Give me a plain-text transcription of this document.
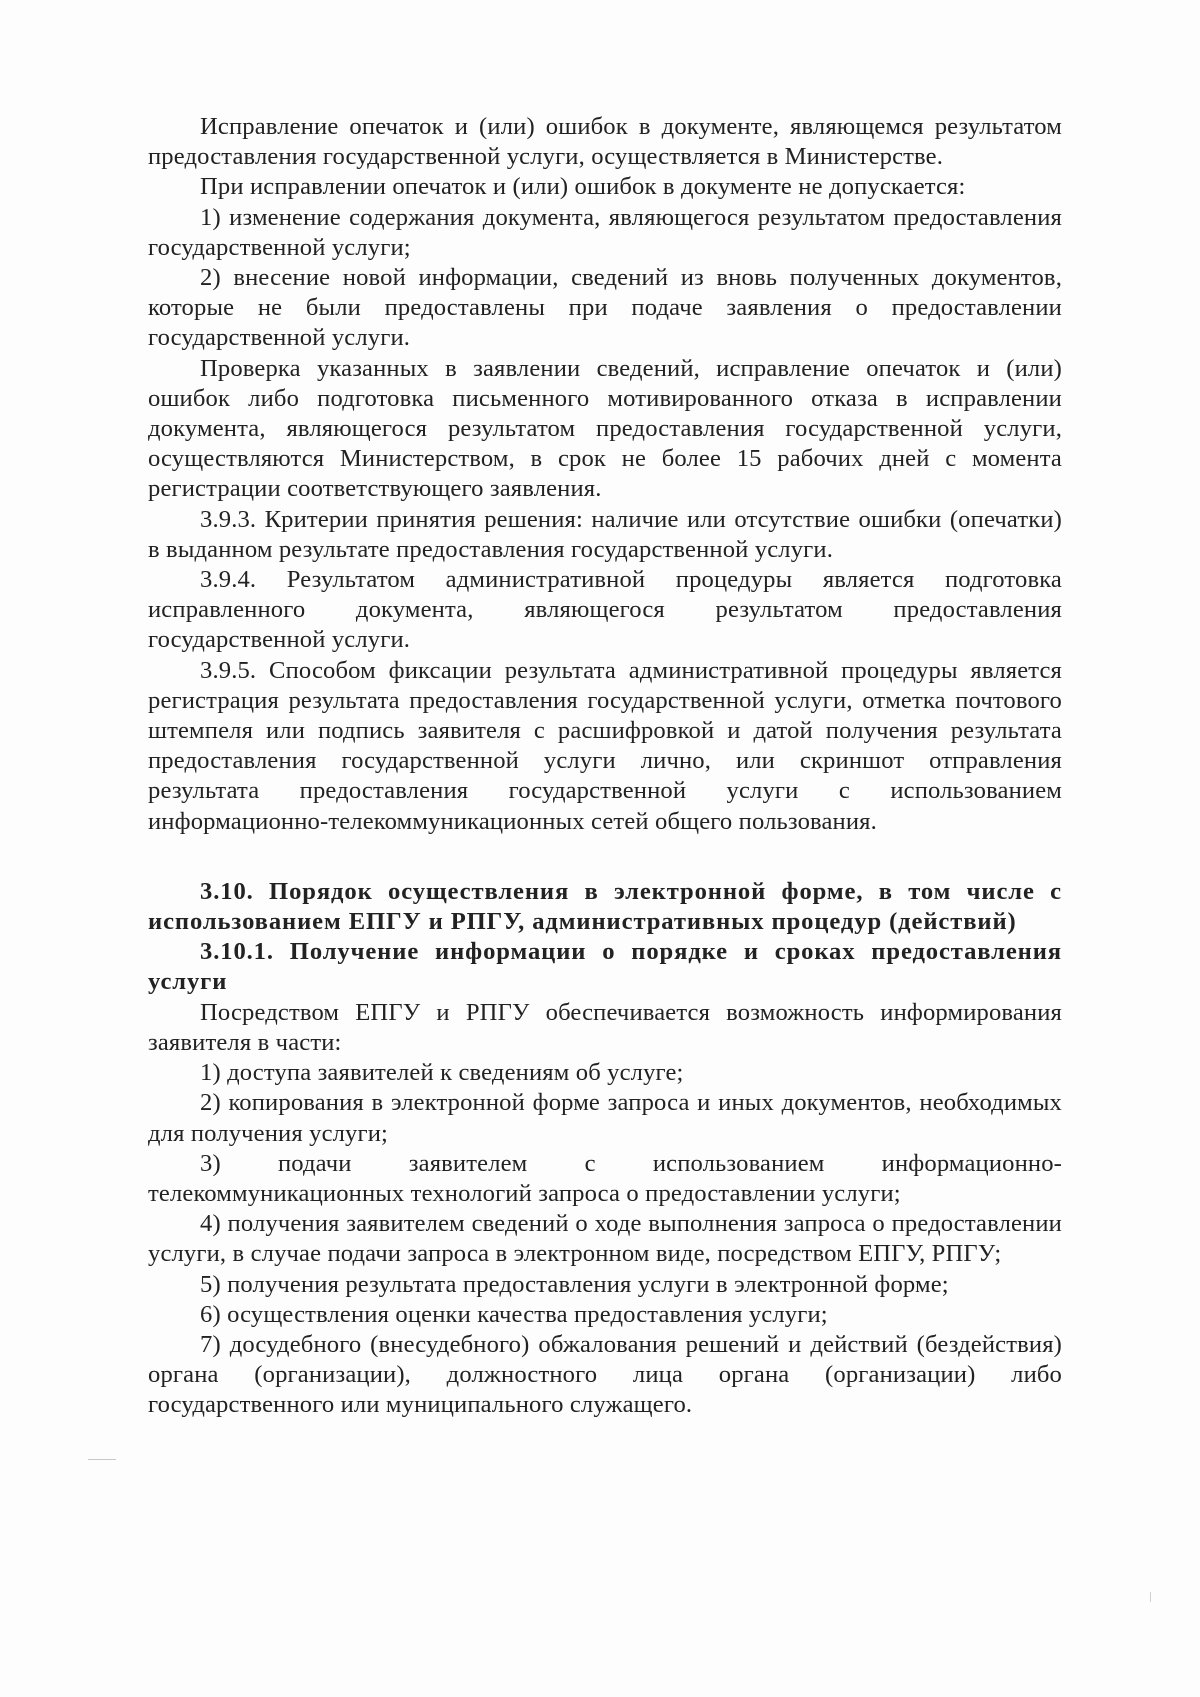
Исправление опечаток и (или) ошибок в документе, являющемся результатом предоставления государственной услуги, осуществляется в Министерстве.

При исправлении опечаток и (или) ошибок в документе не допускается:

1) изменение содержания документа, являющегося результатом предоставления государственной услуги;

2) внесение новой информации, сведений из вновь полученных документов, которые не были предоставлены при подаче заявления о предоставлении государственной услуги.

Проверка указанных в заявлении сведений, исправление опечаток и (или) ошибок либо подготовка письменного мотивированного отказа в исправлении документа, являющегося результатом предоставления государственной услуги, осуществляются Министерством, в срок не более 15 рабочих дней с момента регистрации соответствующего заявления.

3.9.3. Критерии принятия решения: наличие или отсутствие ошибки (опечатки) в выданном результате предоставления государственной услуги.

3.9.4. Результатом административной процедуры является подготовка исправленного документа, являющегося результатом предоставления государственной услуги.

3.9.5. Способом фиксации результата административной процедуры является регистрация результата предоставления государственной услуги, отметка почтового штемпеля или подпись заявителя с расшифровкой и датой получения результата предоставления государственной услуги лично, или скриншот отправления результата предоставления государственной услуги с использованием информационно-телекоммуникационных сетей общего пользования.

3.10. Порядок осуществления в электронной форме, в том числе с использованием ЕПГУ и РПГУ, административных процедур (действий)

3.10.1. Получение информации о порядке и сроках предоставления услуги

Посредством ЕПГУ и РПГУ обеспечивается возможность информирования заявителя в части:

1) доступа заявителей к сведениям об услуге;

2) копирования в электронной форме запроса и иных документов, необходимых для получения услуги;

3) подачи заявителем с использованием информационно-телекоммуникационных технологий запроса о предоставлении услуги;

4) получения заявителем сведений о ходе выполнения запроса о предоставлении услуги, в случае подачи запроса в электронном виде, посредством ЕПГУ, РПГУ;

5) получения результата предоставления услуги в электронной форме;

6) осуществления оценки качества предоставления услуги;

7) досудебного (внесудебного) обжалования решений и действий (бездействия) органа (организации), должностного лица органа (организации) либо государственного или муниципального служащего.
